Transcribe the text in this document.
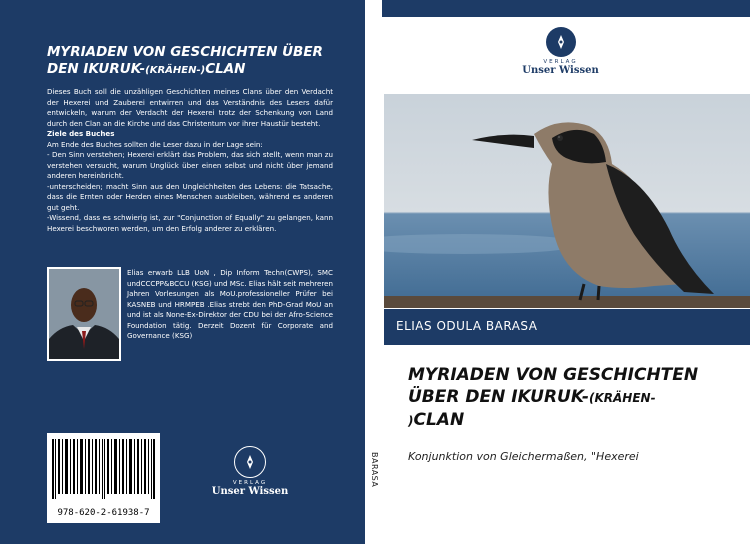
MYRIADEN VON GESCHICHTEN ÜBER DEN IKURUK-(KRÄHEN-)CLAN

Dieses Buch soll die unzähligen Geschichten meines Clans über den Verdacht der Hexerei und Zauberei entwirren und das Verständnis des Lesers dafür entwickeln, warum der Verdacht der Hexerei trotz der Schenkung von Land durch den Clan an die Kirche und das Christentum vor ihrer Haustür besteht.

Ziele des Buches

Am Ende des Buches sollten die Leser dazu in der Lage sein:

- Den Sinn verstehen; Hexerei erklärt das Problem, das sich stellt, wenn man zu verstehen versucht, warum Unglück über einen selbst und nicht über jemand anderen hereinbricht.

-unterscheiden; macht Sinn aus den Ungleichheiten des Lebens: die Tatsache, dass die Ernten oder Herden eines Menschen ausbleiben, während es anderen gut geht.

-Wissend, dass es schwierig ist, zur "Conjunction of Equally" zu gelangen, kann Hexerei beschworen werden, um den Erfolg anderer zu erklären.

Elias erwarb LLB UoN , Dip Inform Techn(CWPS), SMC undCCCPP&BCCU (KSG) und MSc. Elias hält seit mehreren Jahren Vorlesungen als MoU.professioneller Prüfer bei KASNEB und HRMPEB .Elias strebt den PhD-Grad MoU an und ist als None-Ex-Direktor der CDU bei der Afro-Science Foundation tätig. Derzeit Dozent für Corporate and Governance (KSG)
978-620-2-61938-7
VERLAG
Unser Wissen
BARASA
VERLAG
Unser Wissen
ELIAS ODULA BARASA
MYRIADEN VON GESCHICHTEN
ÜBER DEN IKURUK-(KRÄHEN-
)CLAN
Konjunktion von Gleichermaßen, "Hexerei
